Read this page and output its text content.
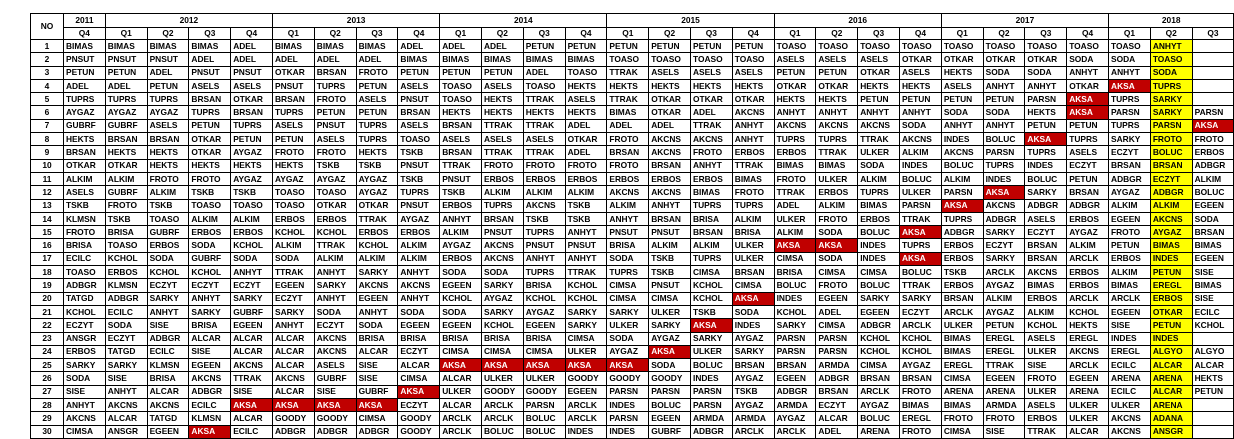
NO	2011	2012				2013				2014				2015				2016				2017				2018		
	Q4	Q1	Q2	Q3	Q4	Q1	Q2	Q3	Q4	Q1	Q2	Q3	Q4	Q1	Q2	Q3	Q4	Q1	Q2	Q3	Q4	Q1	Q2	Q3	Q4	Q1	Q2	Q3
1	BIMAS	BIMAS	BIMAS	BIMAS	ADEL	BIMAS	BIMAS	BIMAS	ADEL	ADEL	ADEL	PETUN	PETUN	PETUN	PETUN	PETUN	PETUN	TOASO	TOASO	TOASO	TOASO	TOASO	TOASO	TOASO	TOASO	TOASO	ANHYT	
2	PNSUT	PNSUT	PNSUT	ADEL	ADEL	ADEL	ADEL	ADEL	BIMAS	BIMAS	BIMAS	BIMAS	BIMAS	TOASO	TOASO	TOASO	TOASO	ASELS	ASELS	ASELS	OTKAR	OTKAR	OTKAR	OTKAR	SODA	SODA	TOASO	
3	PETUN	PETUN	ADEL	PNSUT	PNSUT	OTKAR	BRSAN	FROTO	PETUN	PETUN	PETUN	ADEL	TOASO	TTRAK	ASELS	ASELS	ASELS	PETUN	PETUN	OTKAR	ASELS	HEKTS	SODA	SODA	ANHYT	ANHYT	SODA	
4	ADEL	ADEL	PETUN	ASELS	ASELS	PNSUT	TUPRS	PETUN	ASELS	TOASO	ASELS	TOASO	HEKTS	HEKTS	HEKTS	HEKTS	HEKTS	OTKAR	OTKAR	HEKTS	HEKTS	ASELS	ANHYT	ANHYT	OTKAR	AKSA	TUPRS	
5	TUPRS	TUPRS	TUPRS	BRSAN	OTKAR	BRSAN	FROTO	ASELS	PNSUT	TOASO	HEKTS	TTRAK	ASELS	TTRAK	OTKAR	OTKAR	OTKAR	HEKTS	HEKTS	PETUN	PETUN	PETUN	PETUN	PARSN	AKSA	TUPRS	SARKY	
6	AYGAZ	AYGAZ	AYGAZ	TUPRS	BRSAN	TUPRS	PETUN	PETUN	BRSAN	HEKTS	HEKTS	HEKTS	HEKTS	BIMAS	OTKAR	ADEL	AKCNS	ANHYT	ANHYT	ANHYT	ANHYT	SODA	SODA	HEKTS	AKSA	PARSN	SARKY	PARSN
7	GUBRF	GUBRF	ASELS	PETUN	TUPRS	ASELS	PNSUT	TUPRS	ASELS	BRSAN	TTRAK	TTRAK	ADEL	ADEL	ADEL	TTRAK	ANHYT	AKCNS	AKCNS	AKCNS	SODA	ANHYT	ANHYT	PETUN	PETUN	TUPRS	PARSN	AKSA
8	HEKTS	BRSAN	BRSAN	OTKAR	PETUN	PETUN	ASELS	TUPRS	TOASO	ASELS	ASELS	ASELS	OTKAR	FROTO	AKCNS	AKCNS	ANHYT	TUPRS	TUPRS	TTRAK	AKCNS	INDES	BOLUC	AKSA	TUPRS	SARKY	FROTO	FROTO
9	BRSAN	HEKTS	HEKTS	OTKAR	AYGAZ	FROTO	FROTO	HEKTS	TSKB	BRSAN	TTRAK	TTRAK	ADEL	BRSAN	AKCNS	FROTO	ERBOS	ERBOS	TTRAK	ULKER	ALKIM	AKCNS	PARSN	TUPRS	ASELS	ECZYT	BOLUC	ERBOS
10	OTKAR	OTKAR	HEKTS	HEKTS	HEKTS	HEKTS	TSKB	TSKB	PNSUT	TTRAK	FROTO	FROTO	FROTO	FROTO	BRSAN	ANHYT	TTRAK	BIMAS	BIMAS	SODA	INDES	BOLUC	TUPRS	INDES	ECZYT	BRSAN	BRSAN	ADBGR
11	ALKIM	ALKIM	FROTO	FROTO	AYGAZ	AYGAZ	AYGAZ	AYGAZ	TSKB	PNSUT	ERBOS	ERBOS	ERBOS	ERBOS	ERBOS	ERBOS	BIMAS	FROTO	ULKER	ALKIM	BOLUC	ALKIM	INDES	BOLUC	PETUN	ADBGR	ECZYT	ALKIM
12	ASELS	GUBRF	ALKIM	TSKB	TSKB	TOASO	TOASO	AYGAZ	TUPRS	TSKB	ALKIM	ALKIM	ALKIM	AKCNS	AKCNS	BIMAS	FROTO	TTRAK	ERBOS	TUPRS	ULKER	PARSN	AKSA	SARKY	BRSAN	AYGAZ	ADBGR	BOLUC
13	TSKB	FROTO	TSKB	TOASO	TOASO	TOASO	OTKAR	OTKAR	PNSUT	ERBOS	TUPRS	AKCNS	TSKB	ALKIM	ANHYT	TUPRS	TUPRS	ADEL	ALKIM	BIMAS	PARSN	AKSA	AKCNS	ADBGR	ADBGR	ALKIM	ALKIM	EGEEN
14	KLMSN	TSKB	TOASO	ALKIM	ALKIM	ERBOS	ERBOS	TTRAK	AYGAZ	ANHYT	BRSAN	TSKB	TSKB	ANHYT	BRSAN	BRISA	ALKIM	ULKER	FROTO	ERBOS	TTRAK	TUPRS	ADBGR	ASELS	ERBOS	EGEEN	AKCNS	SODA
15	FROTO	BRISA	GUBRF	ERBOS	ERBOS	KCHOL	KCHOL	ERBOS	ERBOS	ALKIM	PNSUT	TUPRS	ANHYT	PNSUT	PNSUT	BRSAN	BRISA	ALKIM	SODA	BOLUC	AKSA	ADBGR	SARKY	ECZYT	AYGAZ	FROTO	AYGAZ	BRSAN
16	BRISA	TOASO	ERBOS	SODA	KCHOL	ALKIM	TTRAK	KCHOL	ALKIM	AYGAZ	AKCNS	PNSUT	PNSUT	BRISA	ALKIM	ALKIM	ULKER	AKSA	AKSA	INDES	TUPRS	ERBOS	ECZYT	BRSAN	ALKIM	PETUN	BIMAS	BIMAS
17	ECILC	KCHOL	SODA	GUBRF	SODA	SODA	ALKIM	ALKIM	ALKIM	ERBOS	AKCNS	ANHYT	ANHYT	SODA	TSKB	TUPRS	ULKER	CIMSA	SODA	INDES	AKSA	ERBOS	SARKY	BRSAN	ARCLK	ERBOS	INDES	EGEEN
18	TOASO	ERBOS	KCHOL	KCHOL	ANHYT	TTRAK	ANHYT	SARKY	ANHYT	SODA	SODA	TUPRS	TTRAK	TUPRS	TSKB	CIMSA	BRSAN	BRISA	CIMSA	CIMSA	BOLUC	TSKB	ARCLK	AKCNS	ERBOS	ALKIM	PETUN	SISE
19	ADBGR	KLMSN	ECZYT	ECZYT	ECZYT	EGEEN	SARKY	AKCNS	AKCNS	EGEEN	SARKY	BRISA	KCHOL	CIMSA	PNSUT	KCHOL	CIMSA	BOLUC	FROTO	BOLUC	TTRAK	ERBOS	AYGAZ	BIMAS	ERBOS	BIMAS	EREGL	BIMAS
20	TATGD	ADBGR	SARKY	ANHYT	SARKY	ECZYT	ANHYT	EGEEN	ANHYT	KCHOL	AYGAZ	KCHOL	KCHOL	CIMSA	CIMSA	KCHOL	AKSA	INDES	EGEEN	SARKY	SARKY	BRSAN	ALKIM	ERBOS	ARCLK	ARCLK	ERBOS	SISE
21	KCHOL	ECILC	ANHYT	SARKY	GUBRF	SARKY	SODA	ANHYT	SODA	SODA	SARKY	AYGAZ	SARKY	SARKY	ULKER	TSKB	SODA	KCHOL	ADEL	EGEEN	ECZYT	ARCLK	AYGAZ	ALKIM	KCHOL	EGEEN	OTKAR	ECILC
22	ECZYT	SODA	SISE	BRISA	EGEEN	ANHYT	ECZYT	SODA	EGEEN	EGEEN	KCHOL	EGEEN	SARKY	ULKER	SARKY	AKSA	INDES	SARKY	CIMSA	ADBGR	ARCLK	ULKER	PETUN	KCHOL	HEKTS	SISE	PETUN	KCHOL
23	ANSGR	ECZYT	ADBGR	ALCAR	ALCAR	ALCAR	AKCNS	BRISA	BRISA	BRISA	BRISA	BRISA	CIMSA	SODA	AYGAZ	SARKY	AYGAZ	PARSN	PARSN	KCHOL	KCHOL	BIMAS	EREGL	ASELS	EREGL	INDES	INDES	
24	ERBOS	TATGD	ECILC	SISE	ALCAR	ALCAR	AKCNS	ALCAR	ECZYT	CIMSA	CIMSA	CIMSA	ULKER	AYGAZ	AKSA	ULKER	SARKY	PARSN	PARSN	KCHOL	KCHOL	BIMAS	EREGL	ULKER	AKCNS	EREGL	ALGYO	ALGYO
25	SARKY	SARKY	KLMSN	EGEEN	AKCNS	ALCAR	ASELS	SISE	ALCAR	AKSA	AKSA	AKSA	AKSA	AKSA	SODA	BOLUC	BRSAN	BRSAN	ARMDA	CIMSA	AYGAZ	EREGL	TTRAK	SISE	ARCLK	ECILC	ALCAR	ALCAR
26	SODA	SISE	BRISA	AKCNS	TTRAK	AKCNS	GUBRF	SISE	CIMSA	ALCAR	ULKER	ULKER	GOODY	GOODY	GOODY	INDES	AYGAZ	EGEEN	ADBGR	BRSAN	BRSAN	CIMSA	EGEEN	FROTO	EGEEN	ARENA	ARENA	HEKTS
27	SISE	ANHYT	ALCAR	ADBGR	SISE	ALCAR	SISE	GUBRF	AKSA	ULKER	GOODY	GOODY	EGEEN	PARSN	PARSN	PARSN	TSKB	ADBGR	BRSAN	ARCLK	FROTO	ARENA	ARENA	ULKER	ARENA	ECILC	ALCAR	PETUN
28	ANHYT	AKCNS	AKCNS	ECILC	AKSA	AKSA	AKSA	AKSA	ECZYT	ALCAR	ARCLK	PARSN	ARCLK	INDES	BOLUC	PARSN	AYGAZ	ARMDA	ECZYT	AYGAZ	BIMAS	BIMAS	ARMDA	ASELS	ULKER	ULKER	ARENA	
29	AKCNS	ALCAR	TATGD	KLMSN	ALCAR	GOODY	GOODY	CIMSA	GOODY	ARCLK	ARCLK	BOLUC	ARCLK	PARSN	EGEEN	ARMDA	ARMDA	AYGAZ	ALCAR	BOLUC	EREGL	FROTO	FROTO	ERBOS	ULKER	AKCNS	ADANA	
30	CIMSA	ANSGR	EGEEN	AKSA	ECILC	ADBGR	ADBGR	ADBGR	GOODY	ARCLK	BOLUC	BOLUC	INDES	INDES	GUBRF	ADBGR	ARCLK	ARCLK	ADEL	ARENA	FROTO	CIMSA	SISE	TTRAK	ALCAR	AKCNS	ANSGR	
